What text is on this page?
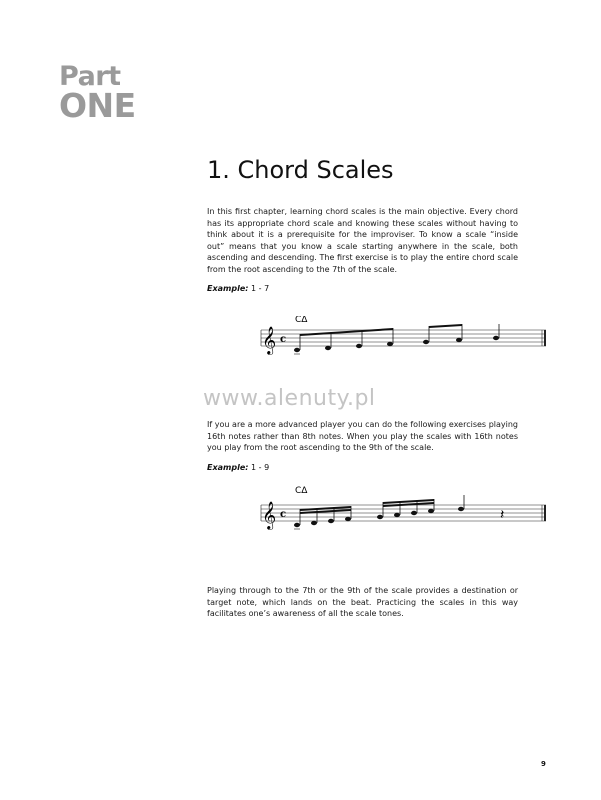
Part
ONE
1. Chord Scales

In this first chapter, learning chord scales is the main objective. Every chord has its appropriate chord scale and knowing these scales without having to think about it is a prerequisite for the improviser. To know a scale “inside out” means that you know a scale starting anywhere in the scale, both ascending and descending. The first exercise is to play the entire chord scale from the root ascending to the 7th of the scale.

Example: 1 - 7
CΔ
𝄞 c
www.alenuty.pl

If you are a more advanced player you can do the following exercises playing 16th notes rather than 8th notes. When you play the scales with 16th notes you play from the root ascending to the 9th of the scale.

Example: 1 - 9
CΔ
𝄞 c	𝄽

Playing through to the 7th or the 9th of the scale provides a destination or target note, which lands on the beat. Practicing the scales in this way facilitates one’s awareness of all the scale tones.

9
